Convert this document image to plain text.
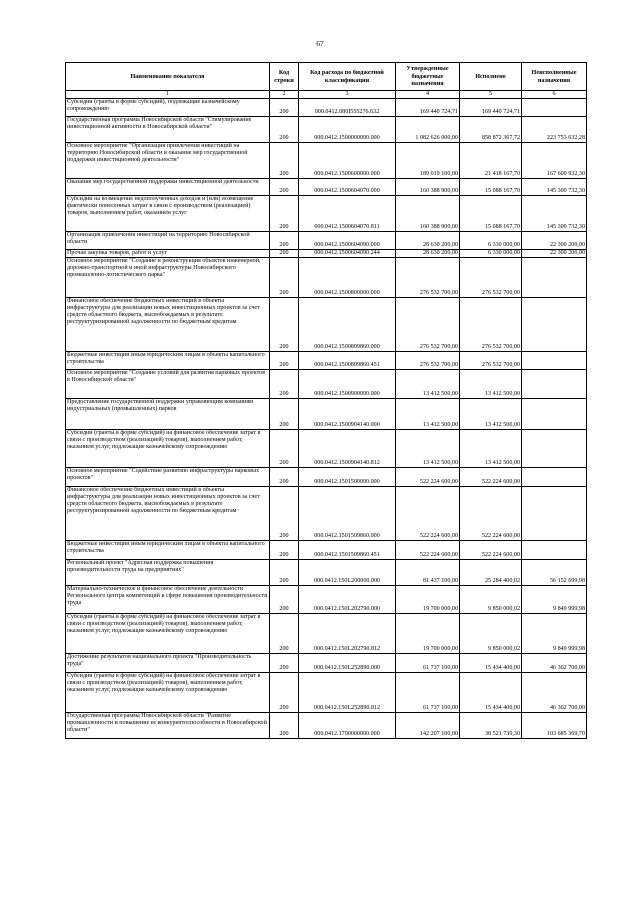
67
Наименование показателя	Код строки	Код расхода по бюджетной классификации	Утвержденные бюджетные назначения	Исполнено	Неисполненные назначения
1	2	3	4	5	6
Субсидии (гранты в форме субсидий), подлежащие казначейскому сопровождению	200	000.0412.080I555276.632	169 440 724,71	169 440 724,71	
Государственная программа Новосибирской области "Стимулирование инвестиционной активности в Новосибирской области"	200	000.0412.1500000000.000	1 082 626 000,00	858 872 367,72	223 753 632,28
Основное мероприятие "Организация привлечения инвестиций на территорию Новосибирской области и оказание мер государственной поддержки инвестиционной деятельности"	200	000.0412.1500600000.000	189 019 100,00	21 418 167,70	167 600 932,30
Оказание мер государственной поддержки инвестиционной деятельности	200	000.0412.1500604070.000	160 388 900,00	15 088 167,70	145 300 732,30
Субсидии на возмещение недополученных доходов и (или) возмещение фактически понесенных затрат в связи с производством (реализацией) товаров, выполнением работ, оказанием услуг	200	000.0412.1500604070.811	160 388 900,00	15 088 167,70	145 300 732,30
Организация привлечения инвестиций на территорию Новосибирской области	200	000.0412.1500604090.000	28 630 200,00	6 330 000,00	22 300 200,00
Прочая закупка товаров, работ и услуг	200	000.0412.1500604090.244	28 630 200,00	6 330 000,00	22 300 200,00
Основное мероприятие "Создание и реконструкция объектов инженерной, дорожно-транспортной и иной инфраструктуры Новосибирского промышленно-логистического парка"	200	000.0412.1500800000.000	276 532 700,00	276 532 700,00	
Финансовое обеспечение бюджетных инвестиций в объекты инфраструктуры для реализации новых инвестиционных проектов за счет средств областного бюджета, высвобождаемых в результате реструктуризированной задолженности по бюджетным кредитам	200	000.0412.1500809860.000	276 532 700,00	276 532 700,00	
Бюджетные инвестиции иным юридическим лицам в объекты капитального строительства	200	000.0412.1500809860.451	276 532 700,00	276 532 700,00	
Основное мероприятие "Создание условий для развития парковых проектов в Новосибирской области"	200	000.0412.1500900000.000	13 412 500,00	13 412 500,00	
Предоставление государственной поддержки управляющим компаниям индустриальных (промышленных) парков	200	000.0412.1500904140.000	13 412 500,00	13 412 500,00	
Субсидии (гранты в форме субсидий) на финансовое обеспечение затрат в связи с производством (реализацией) товаров), выполнением работ, оказанием услуг, подлежащие казначейскому сопровождению	200	000.0412.1500904140.812	13 412 500,00	13 412 500,00	
Основное мероприятие "Содействие развитию инфраструктуры парковых проектов"	200	000.0412.1501500000.000	522 224 600,00	522 224 600,00	
Финансовое обеспечение бюджетных инвестиций в объекты инфраструктуры для реализации новых инвестиционных проектов за счет средств областного бюджета, высвобождаемых в результате реструктуризированной задолженности по бюджетным кредитам	200	000.0412.1501509860.000	522 224 600,00	522 224 600,00	
Бюджетные инвестиции иным юридическим лицам в объекты капитального строительства	200	000.0412.1501509860.451	522 224 600,00	522 224 600,00	
Региональный проект "Адресная поддержка повышения производительности труда на предприятиях"	200	000.0412.150L200000.000	81 437 100,00	25 284 400,02	56 152 699,98
Материально-техническое и финансовое обеспечение деятельности Регионального центра компетенций в сфере повышения производительности труда	200	000.0412.150L202790.000	19 700 000,00	9 850 000,02	9 849 999,98
Субсидии (гранты в форме субсидий) на финансовое обеспечение затрат в связи с производством (реализацией) товаров), выполнением работ, оказанием услуг, подлежащие казначейскому сопровождению	200	000.0412.150L202790.812	19 700 000,00	9 850 000,02	9 849 999,98
Достижение результатов национального проекта "Производительность труда"	200	000.0412.150L252890.000	61 737 100,00	15 434 400,00	46 302 700,00
Субсидии (гранты в форме субсидий) на финансовое обеспечение затрат в связи с производством (реализацией) товаров), выполнением работ, оказанием услуг, подлежащие казначейскому сопровождению	200	000.0412.150L252890.812	61 737 100,00	15 434 400,00	46 302 700,00
Государственная программа Новосибирской области "Развитие промышленности и повышение ее конкурентоспособности в Новосибирской области"	200	000.0412.1700000000.000	142 207 100,00	38 521 730,30	103 685 369,70
